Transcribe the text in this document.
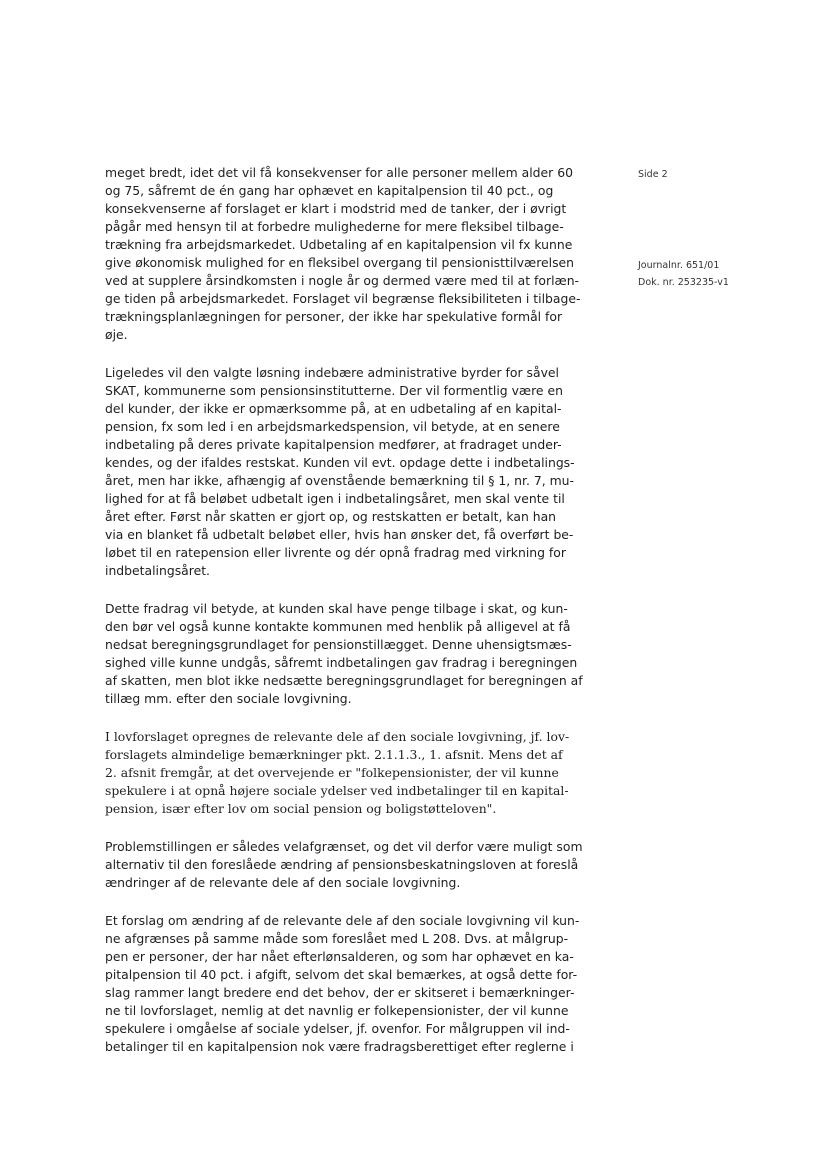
Side 2
Journalnr. 651/01
Dok. nr. 253235-v1
meget bredt, idet det vil få konsekvenser for alle personer mellem alder 60
og 75, såfremt de én gang har ophævet en kapitalpension til 40 pct., og
konsekvenserne af forslaget er klart i modstrid med de tanker, der i øvrigt
pågår med hensyn til at forbedre mulighederne for mere fleksibel tilbage-
trækning fra arbejdsmarkedet. Udbetaling af en kapitalpension vil fx kunne
give økonomisk mulighed for en fleksibel overgang til pensionisttilværelsen
ved at supplere årsindkomsten i nogle år og dermed være med til at forlæn-
ge tiden på arbejdsmarkedet. Forslaget vil begrænse fleksibiliteten i tilbage-
trækningsplanlægningen for personer, der ikke har spekulative formål for
øje.
Ligeledes vil den valgte løsning indebære administrative byrder for såvel
SKAT, kommunerne som pensionsinstitutterne. Der vil formentlig være en
del kunder, der ikke er opmærksomme på, at en udbetaling af en kapital-
pension, fx som led i en arbejdsmarkedspension, vil betyde, at en senere
indbetaling på deres private kapitalpension medfører, at fradraget under-
kendes, og der ifaldes restskat. Kunden vil evt. opdage dette i indbetalings-
året, men har ikke, afhængig af ovenstående bemærkning til § 1, nr. 7, mu-
lighed for at få beløbet udbetalt igen i indbetalingsåret, men skal vente til
året efter. Først når skatten er gjort op, og restskatten er betalt, kan han
via en blanket få udbetalt beløbet eller, hvis han ønsker det, få overført be-
løbet til en ratepension eller livrente og dér opnå fradrag med virkning for
indbetalingsåret.
Dette fradrag vil betyde, at kunden skal have penge tilbage i skat, og kun-
den bør vel også kunne kontakte kommunen med henblik på alligevel at få
nedsat beregningsgrundlaget for pensionstillægget. Denne uhensigtsmæs-
sighed ville kunne undgås, såfremt indbetalingen gav fradrag i beregningen
af skatten, men blot ikke nedsætte beregningsgrundlaget for beregningen af
tillæg mm. efter den sociale lovgivning.
I lovforslaget opregnes de relevante dele af den sociale lovgivning, jf. lov-
forslagets almindelige bemærkninger pkt. 2.1.1.3., 1. afsnit. Mens det af
2. afsnit fremgår, at det overvejende er "folkepensionister, der vil kunne
spekulere i at opnå højere sociale ydelser ved indbetalinger til en kapital-
pension, især efter lov om social pension og boligstøtteloven".
Problemstillingen er således velafgrænset, og det vil derfor være muligt som
alternativ til den foreslåede ændring af pensionsbeskatningsloven at foreslå
ændringer af de relevante dele af den sociale lovgivning.
Et forslag om ændring af de relevante dele af den sociale lovgivning vil kun-
ne afgrænses på samme måde som foreslået med L 208. Dvs. at målgrup-
pen er personer, der har nået efterlønsalderen, og som har ophævet en ka-
pitalpension til 40 pct. i afgift, selvom det skal bemærkes, at også dette for-
slag rammer langt bredere end det behov, der er skitseret i bemærkninger-
ne til lovforslaget, nemlig at det navnlig er folkepensionister, der vil kunne
spekulere i omgåelse af sociale ydelser, jf. ovenfor. For målgruppen vil ind-
betalinger til en kapitalpension nok være fradragsberettiget efter reglerne i
